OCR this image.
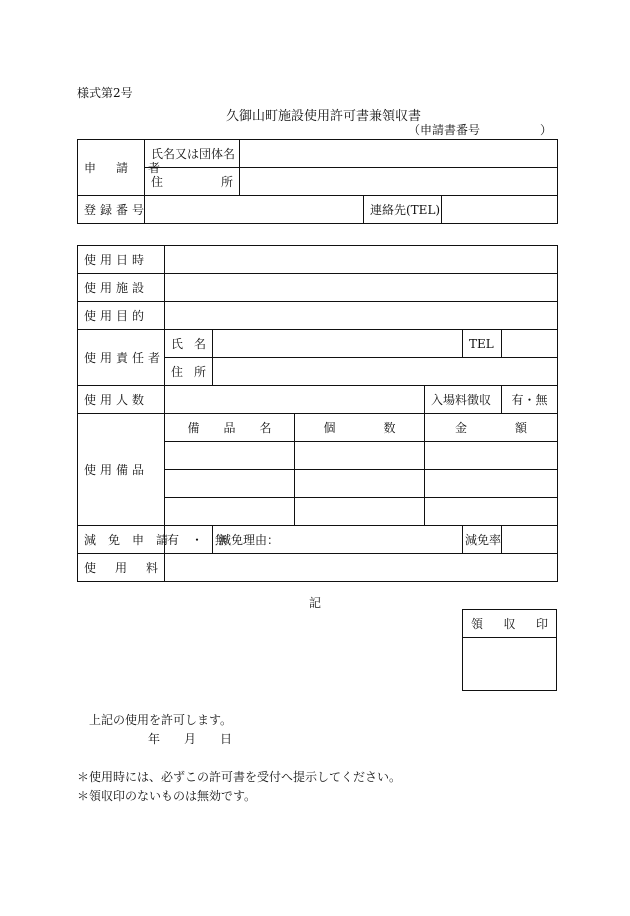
様式第2号
久御山町施設使用許可書兼領収書
（申請書番号	）
申　請　者	氏名又は団体名			

	住 所			

登録番号			連絡先(TEL)	
使用日時						
使用施設						
使用目的						
使用責任者	氏 名				TEL	

	住 所					

使用人数				入場料徴収		有・無
使用備品	備　　品　　名		個　　　　数	金　　　　額		

減　免　申　請	有　・　無	減免理由：			減免率	

使 用 料						

記
領 収 印

上記の使用を許可します。
年 月 日
＊使用時には、必ずこの許可書を受付へ提示してください。
＊領収印のないものは無効です。
